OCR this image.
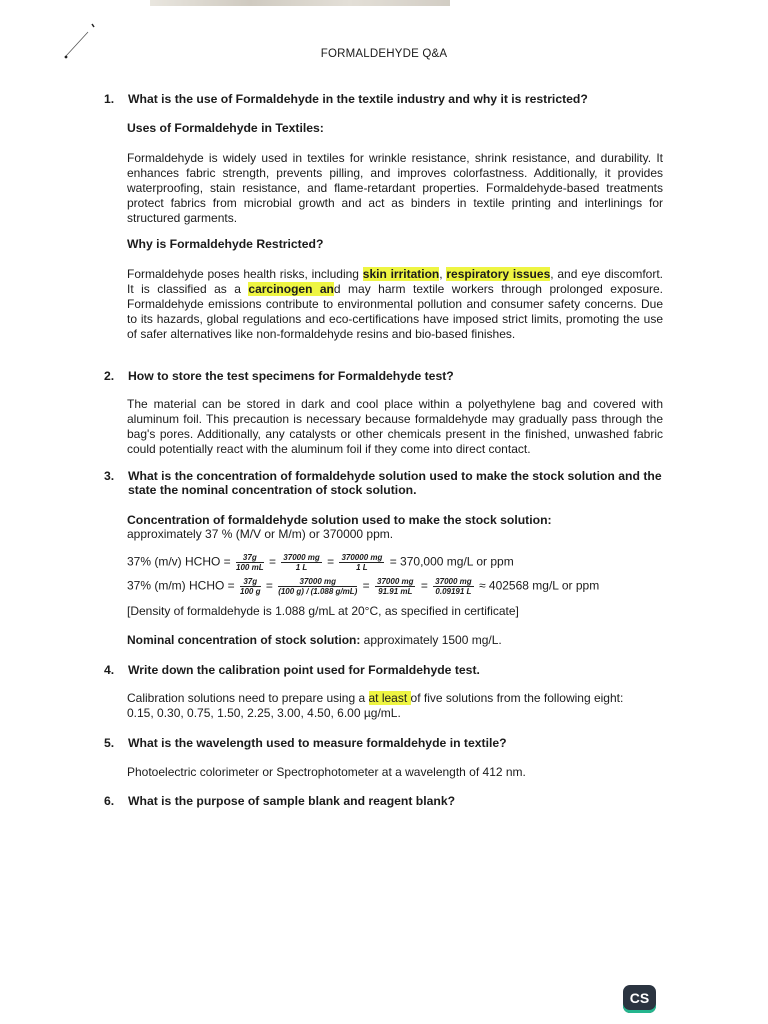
FORMALDEHYDE Q&A
1. What is the use of Formaldehyde in the textile industry and why it is restricted?
Uses of Formaldehyde in Textiles:
Formaldehyde is widely used in textiles for wrinkle resistance, shrink resistance, and durability. It enhances fabric strength, prevents pilling, and improves colorfastness. Additionally, it provides waterproofing, stain resistance, and flame-retardant properties. Formaldehyde-based treatments protect fabrics from microbial growth and act as binders in textile printing and interlinings for structured garments.
Why is Formaldehyde Restricted?
Formaldehyde poses health risks, including skin irritation, respiratory issues, and eye discomfort. It is classified as a carcinogen and may harm textile workers through prolonged exposure. Formaldehyde emissions contribute to environmental pollution and consumer safety concerns. Due to its hazards, global regulations and eco-certifications have imposed strict limits, promoting the use of safer alternatives like non-formaldehyde resins and bio-based finishes.
2. How to store the test specimens for Formaldehyde test?
The material can be stored in dark and cool place within a polyethylene bag and covered with aluminum foil. This precaution is necessary because formaldehyde may gradually pass through the bag's pores. Additionally, any catalysts or other chemicals present in the finished, unwashed fabric could potentially react with the aluminum foil if they come into direct contact.
3. What is the concentration of formaldehyde solution used to make the stock solution and the state the nominal concentration of stock solution.
Concentration of formaldehyde solution used to make the stock solution:
approximately 37 % (M/V or M/m) or 370000 ppm.
37% (m/v) HCHO = $\frac{37g}{100 mL} = \frac{37000 mg}{1 L} = \frac{370000 mg}{1 L} = 370,000$ mg/L or ppm
37% (m/m) HCHO = $\frac{37g}{100 g} = \frac{37000 mg}{(100 g) / (1.088 g/mL)} = \frac{37000 mg}{91.91 mL} = \frac{37000 mg}{0.09191 L} \approx 402568$ mg/L or ppm
[Density of formaldehyde is 1.088 g/mL at 20°C, as specified in certificate]
Nominal concentration of stock solution: approximately 1500 mg/L.
4. Write down the calibration point used for Formaldehyde test.
Calibration solutions need to prepare using a at least of five solutions from the following eight:
0.15, 0.30, 0.75, 1.50, 2.25, 3.00, 4.50, 6.00 µg/mL.
5. What is the wavelength used to measure formaldehyde in textile?
Photoelectric colorimeter or Spectrophotometer at a wavelength of 412 nm.
6. What is the purpose of sample blank and reagent blank?
CS
